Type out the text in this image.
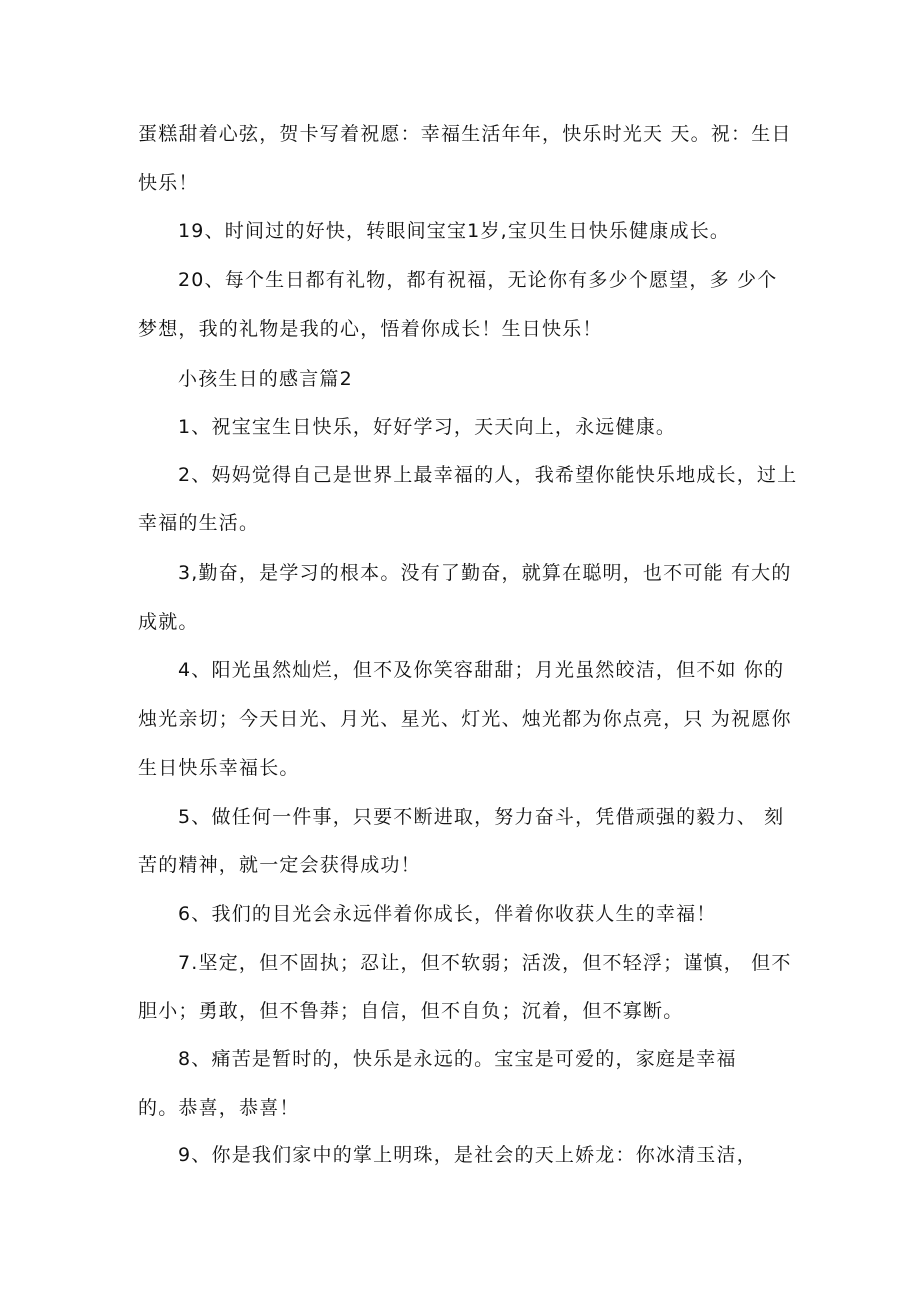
蛋糕甜着心弦，贺卡写着祝愿：幸福生活年年，快乐时光天 天。祝：生日

快乐！

19、时间过的好快，转眼间宝宝1岁,宝贝生日快乐健康成长。

20、每个生日都有礼物，都有祝福，无论你有多少个愿望，多 少个

梦想，我的礼物是我的心，悟着你成长！生日快乐！

小孩生日的感言篇2

1、祝宝宝生日快乐，好好学习，天天向上，永远健康。

2、妈妈觉得自己是世界上最幸福的人，我希望你能快乐地成长，过上

幸福的生活。

3,勤奋，是学习的根本。没有了勤奋，就算在聪明，也不可能 有大的

成就。

4、阳光虽然灿烂，但不及你笑容甜甜；月光虽然皎洁，但不如 你的

烛光亲切；今天日光、月光、星光、灯光、烛光都为你点亮，只 为祝愿你

生日快乐幸福长。

5、做任何一件事，只要不断进取，努力奋斗，凭借顽强的毅力、 刻

苦的精神，就一定会获得成功！

6、我们的目光会永远伴着你成长，伴着你收获人生的幸福！

7.坚定，但不固执；忍让，但不软弱；活泼，但不轻浮；谨慎， 但不

胆小；勇敢，但不鲁莽；自信，但不自负；沉着，但不寡断。

8、痛苦是暂时的，快乐是永远的。宝宝是可爱的，家庭是幸福

的。恭喜，恭喜！

9、你是我们家中的掌上明珠，是社会的天上娇龙：你冰清玉洁，
